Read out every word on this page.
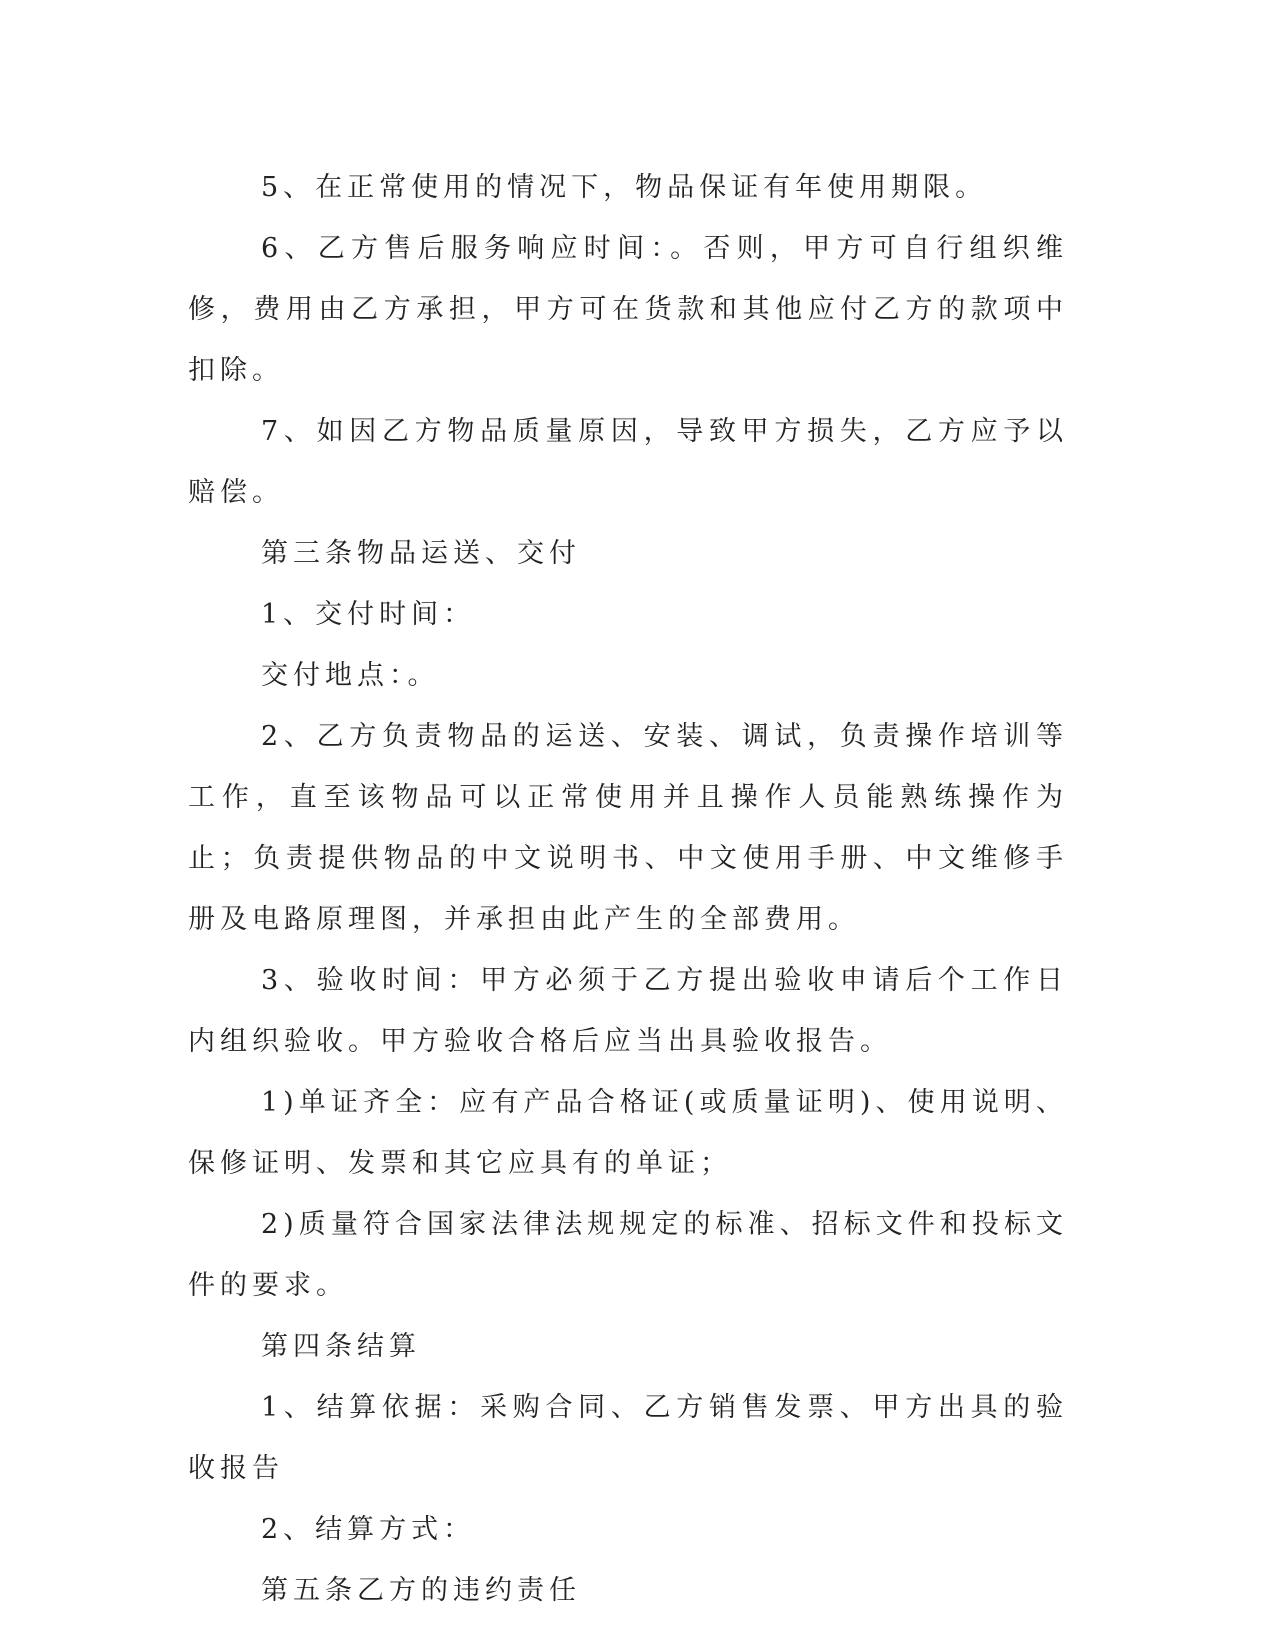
5、在正常使用的情况下，物品保证有年使用期限。

6、乙方售后服务响应时间：。否则，甲方可自行组织维修，费用由乙方承担，甲方可在货款和其他应付乙方的款项中扣除。

7、如因乙方物品质量原因，导致甲方损失，乙方应予以赔偿。

第三条物品运送、交付

1、交付时间：

交付地点：。

2、乙方负责物品的运送、安装、调试，负责操作培训等工作，直至该物品可以正常使用并且操作人员能熟练操作为止；负责提供物品的中文说明书、中文使用手册、中文维修手册及电路原理图，并承担由此产生的全部费用。

3、验收时间：甲方必须于乙方提出验收申请后个工作日内组织验收。甲方验收合格后应当出具验收报告。

1)单证齐全：应有产品合格证(或质量证明)、使用说明、保修证明、发票和其它应具有的单证；

2)质量符合国家法律法规规定的标准、招标文件和投标文件的要求。

第四条结算

1、结算依据：采购合同、乙方销售发票、甲方出具的验收报告

2、结算方式：

第五条乙方的违约责任
